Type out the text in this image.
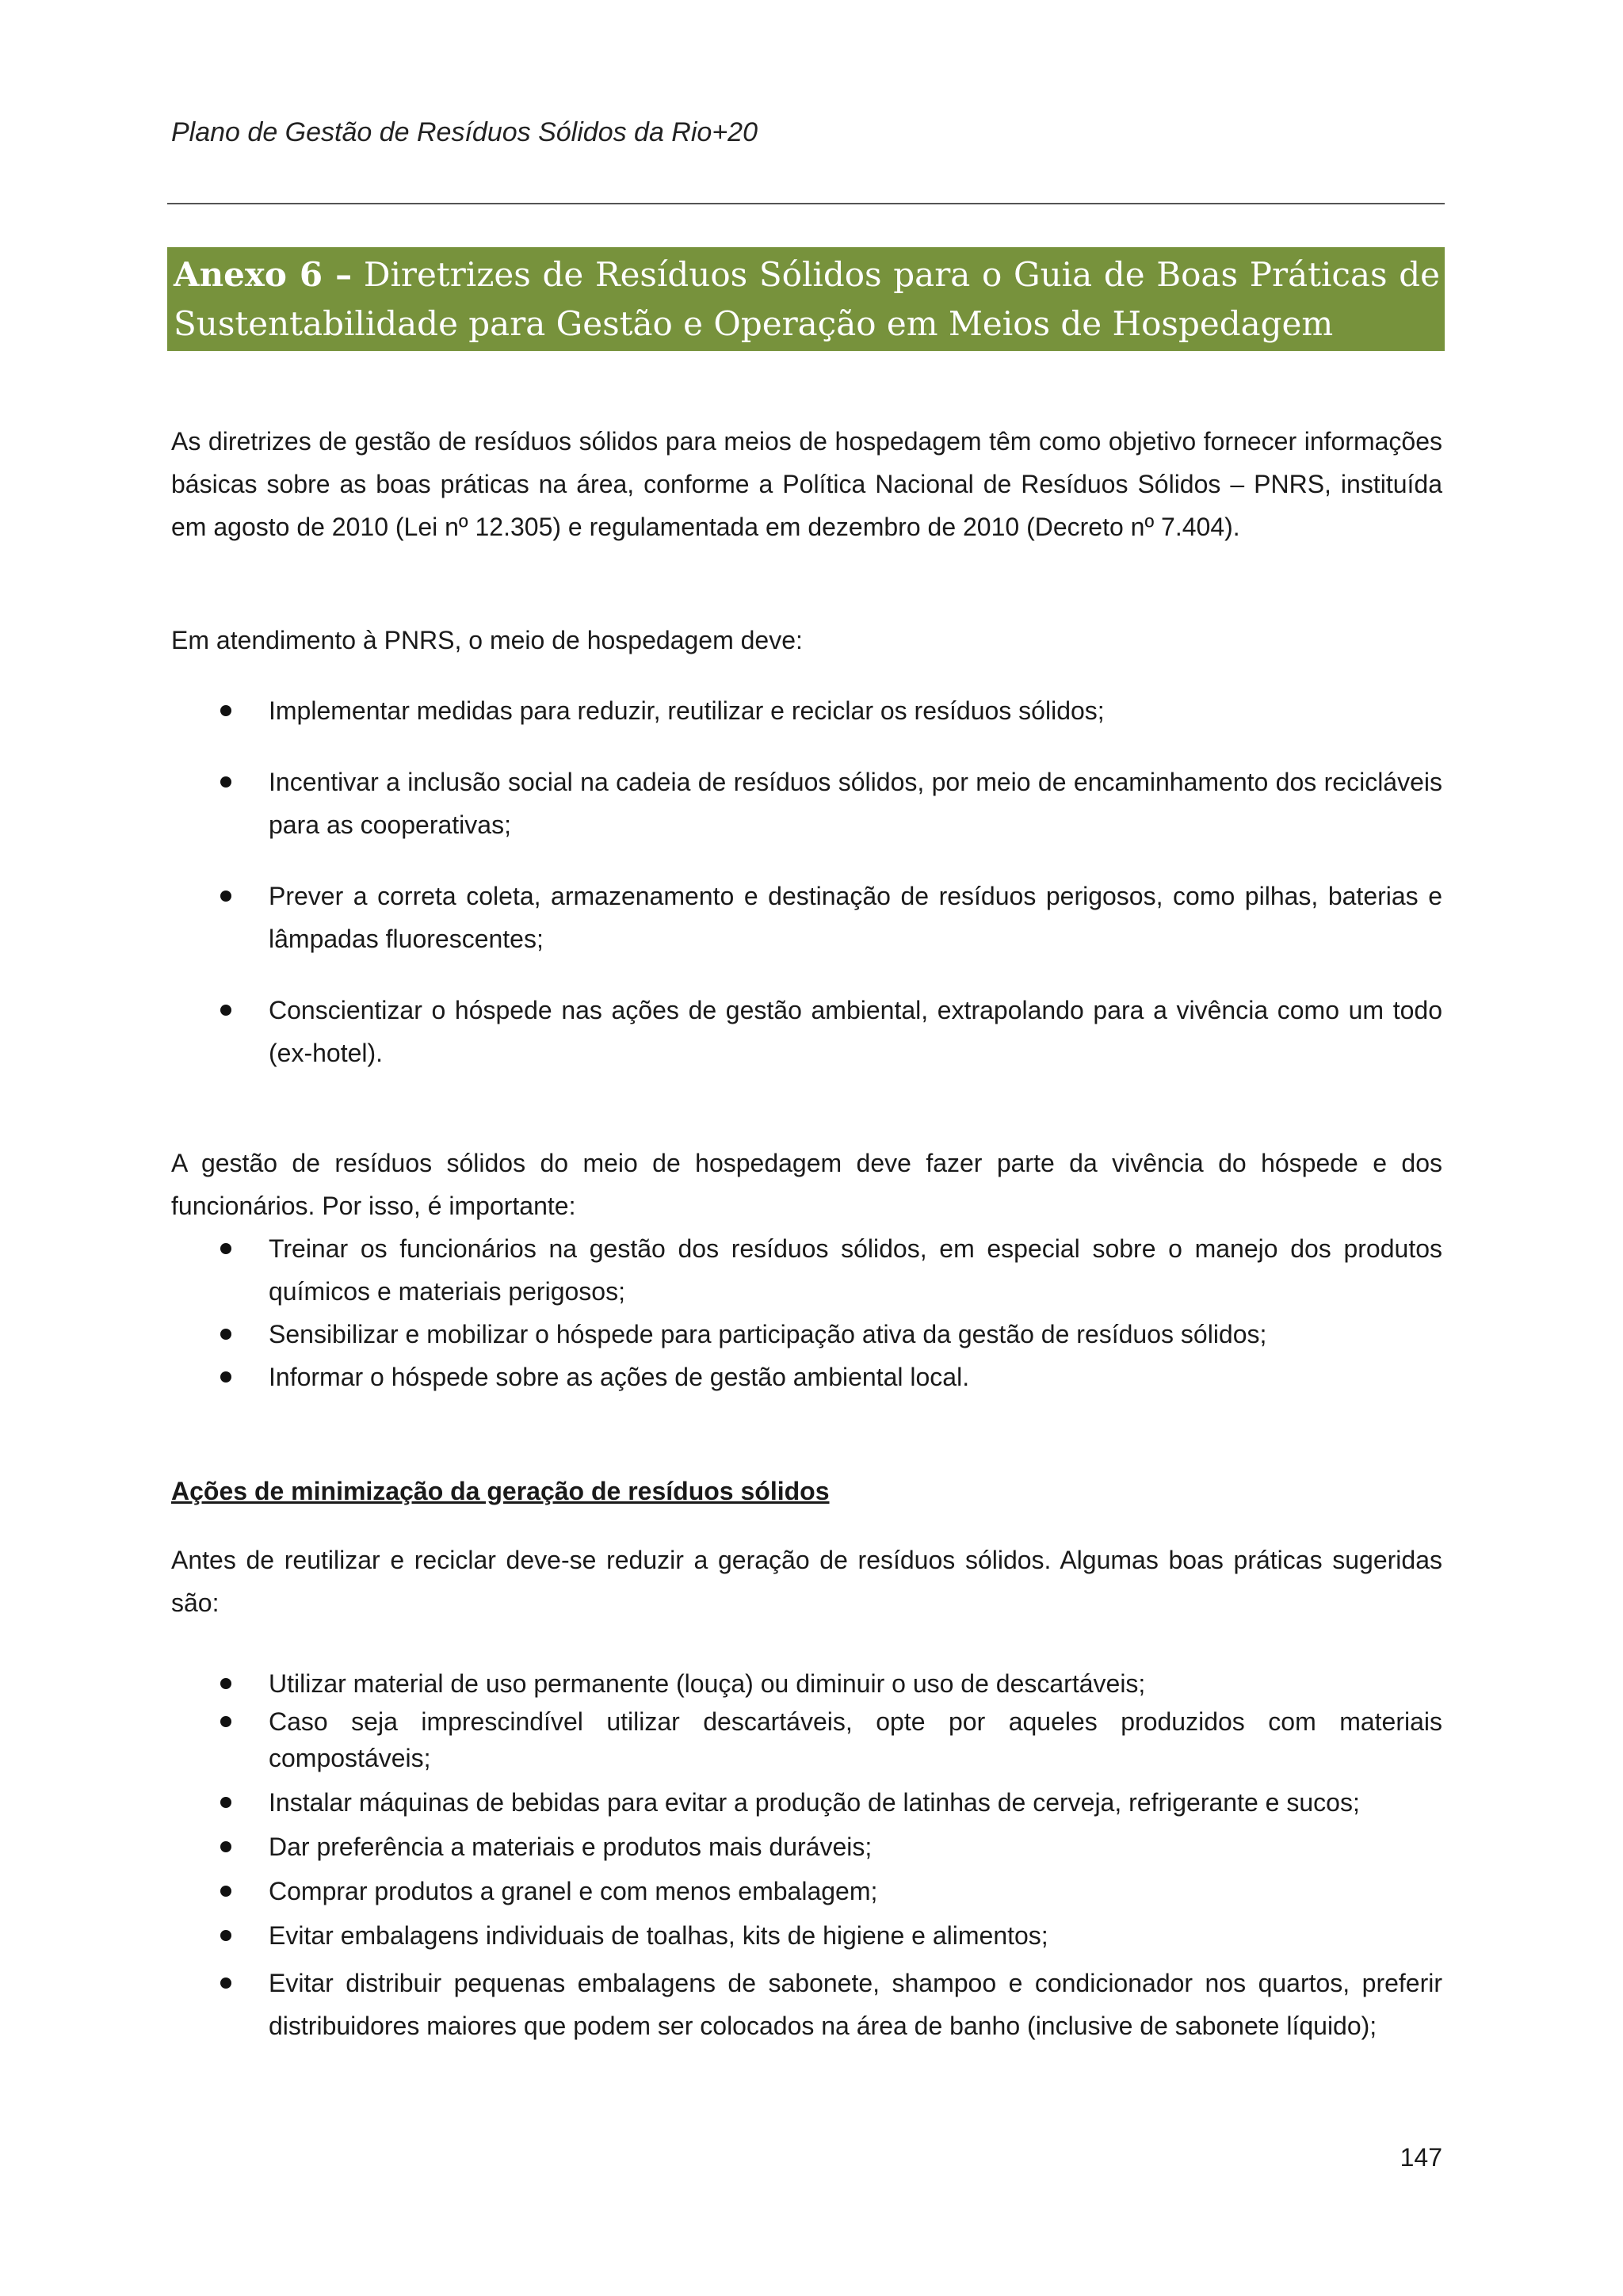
Plano de Gestão de Resíduos Sólidos da Rio+20
Anexo 6 – Diretrizes de Resíduos Sólidos para o Guia de Boas Práticas de Sustentabilidade para Gestão e Operação em Meios de Hospedagem

As diretrizes de gestão de resíduos sólidos para meios de hospedagem têm como objetivo fornecer informações básicas sobre as boas práticas na área, conforme a Política Nacional de Resíduos Sólidos – PNRS, instituída em agosto de 2010 (Lei nº 12.305) e regulamentada em dezembro de 2010 (Decreto nº 7.404).

Em atendimento à PNRS, o meio de hospedagem deve:

Implementar medidas para reduzir, reutilizar e reciclar os resíduos sólidos;
Incentivar a inclusão social na cadeia de resíduos sólidos, por meio de encaminhamento dos recicláveis para as cooperativas;
Prever a correta coleta, armazenamento e destinação de resíduos perigosos, como pilhas, baterias e lâmpadas fluorescentes;
Conscientizar o hóspede nas ações de gestão ambiental, extrapolando para a vivência como um todo (ex-hotel).

A gestão de resíduos sólidos do meio de hospedagem deve fazer parte da vivência do hóspede e dos funcionários. Por isso, é importante:

Treinar os funcionários na gestão dos resíduos sólidos, em especial sobre o manejo dos produtos químicos e materiais perigosos;
Sensibilizar e mobilizar o hóspede para participação ativa da gestão de resíduos sólidos;
Informar o hóspede sobre as ações de gestão ambiental local.

Ações de minimização da geração de resíduos sólidos

Antes de reutilizar e reciclar deve-se reduzir a geração de resíduos sólidos. Algumas boas práticas sugeridas são:

Utilizar material de uso permanente (louça) ou diminuir o uso de descartáveis;
Caso seja imprescindível utilizar descartáveis, opte por aqueles produzidos com materiais compostáveis;
Instalar máquinas de bebidas para evitar a produção de latinhas de cerveja, refrigerante e sucos;
Dar preferência a materiais e produtos mais duráveis;
Comprar produtos a granel e com menos embalagem;
Evitar embalagens individuais de toalhas, kits de higiene e alimentos;
Evitar distribuir pequenas embalagens de sabonete, shampoo e condicionador nos quartos, preferir distribuidores maiores que podem ser colocados na área de banho (inclusive de sabonete líquido);
147
